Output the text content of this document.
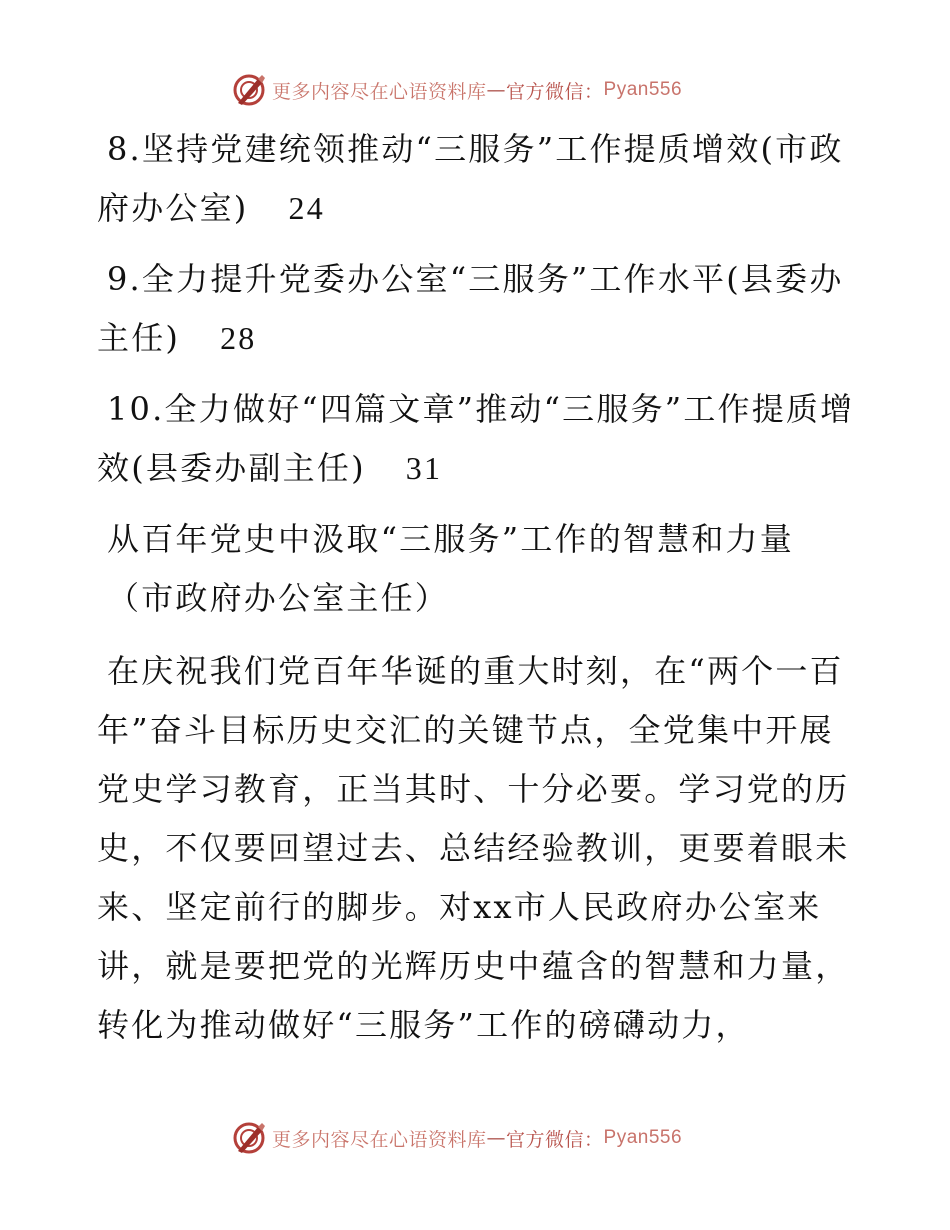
更多内容尽在心语资料库 — 官方微信： Pyan556

8.坚持党建统领推动“三服务”工作提质增效(市政府办公室) 24

9.全力提升党委办公室“三服务”工作水平(县委办主任) 28

10.全力做好“四篇文章”推动“三服务”工作提质增效(县委办副主任) 31

从百年党史中汲取“三服务”工作的智慧和力量

（市政府办公室主任）

在庆祝我们党百年华诞的重大时刻，在“两个一百年”奋斗目标历史交汇的关键节点，全党集中开展党史学习教育，正当其时、十分必要。学习党的历史，不仅要回望过去、总结经验教训，更要着眼未来、坚定前行的脚步。对xx市人民政府办公室来讲，就是要把党的光辉历史中蕴含的智慧和力量，转化为推动做好“三服务”工作的磅礴动力，

更多内容尽在心语资料库 — 官方微信： Pyan556
